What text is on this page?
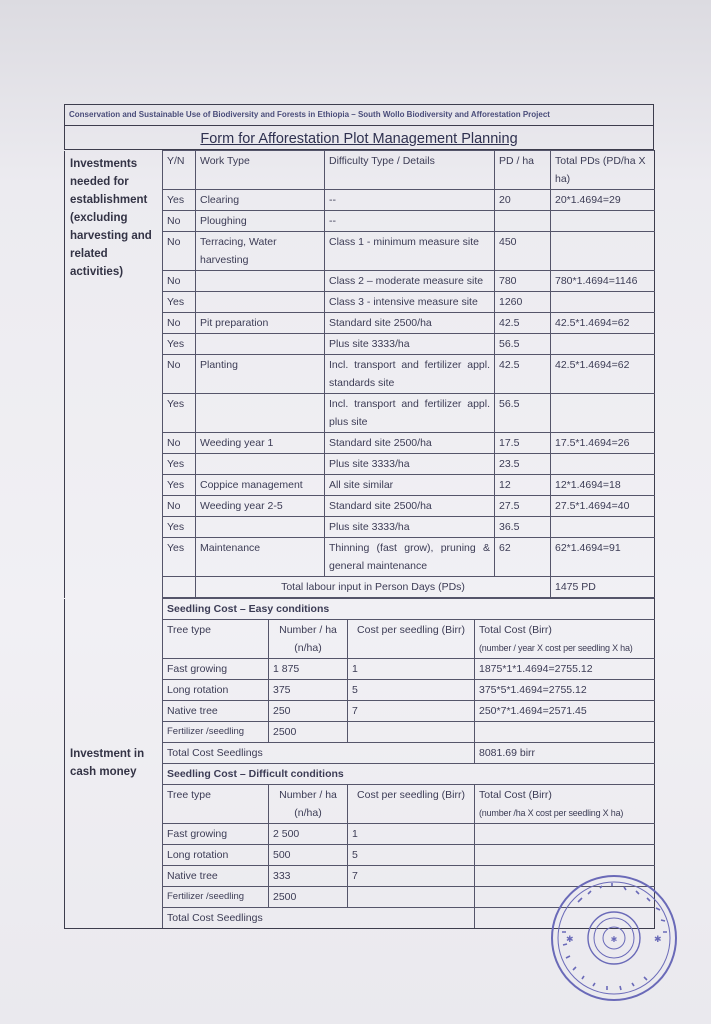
Conservation and Sustainable Use of Biodiversity and Forests in Ethiopia – South Wollo Biodiversity and Afforestation Project
Form for Afforestation Plot Management Planning
Investments needed for establishment (excluding harvesting and related activities)	Y/N	Work Type	Difficulty Type / Details	PD / ha	Total PDs (PD/ha X ha)
	Yes	Clearing	--	20	20*1.4694=29
	No	Ploughing	--		
	No	Terracing, Water harvesting	Class 1 - minimum measure site	450	
	No		Class 2 – moderate measure site	780	780*1.4694=1146
	Yes		Class 3 - intensive measure site	1260	
	No	Pit preparation	Standard site 2500/ha	42.5	42.5*1.4694=62
	Yes		Plus site 3333/ha	56.5	
	No	Planting	Incl. transport and fertilizer appl. standards site	42.5	42.5*1.4694=62
	Yes		Incl. transport and fertilizer appl. plus site	56.5	
	No	Weeding year 1	Standard site 2500/ha	17.5	17.5*1.4694=26
	Yes		Plus site 3333/ha	23.5	
	Yes	Coppice management	All site similar	12	12*1.4694=18
	No	Weeding year 2-5	Standard site 2500/ha	27.5	27.5*1.4694=40
	Yes		Plus site 3333/ha	36.5	
	Yes	Maintenance	Thinning (fast grow), pruning & general maintenance	62	62*1.4694=91
		Total labour input in Person Days (PDs)			1475 PD
Investment in cash money	Seedling Cost – Easy conditions			
	Tree type	Number / ha (n/ha)	Cost per seedling (Birr)	Total Cost (Birr)
(number / year X cost per seedling X ha)

	Fast growing	1 875	1	1875*1*1.4694=2755.12
	Long rotation	375	5	375*5*1.4694=2755.12
	Native tree	250	7	250*7*1.4694=2571.45
	Fertilizer /seedling	2500		
	Total Cost Seedlings			8081.69 birr
	Seedling Cost – Difficult conditions			
	Tree type	Number / ha (n/ha)	Cost per seedling (Birr)	Total Cost (Birr)
(number /ha X cost per seedling X ha)

	Fast growing	2 500	1	
	Long rotation	500	5	
	Native tree	333	7	
	Fertilizer /seedling	2500		
	Total Cost Seedlings			
✱
✱	✱
